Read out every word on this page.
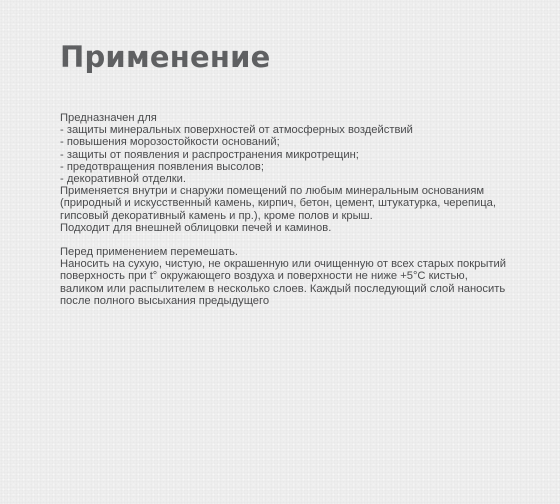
Применение
Предназначен для
- защиты минеральных поверхностей от атмосферных воздействий
- повышения морозостойкости оснований;
- защиты от появления и распространения микротрещин;
- предотвращения появления высолов;
- декоративной отделки.
Применяется внутри и снаружи помещений по любым минеральным основаниям
(природный и искусственный камень, кирпич, бетон, цемент, штукатурка, черепица,
гипсовый декоративный камень и пр.), кроме полов и крыш.
Подходит для внешней облицовки печей и каминов.
Перед применением перемешать.
Наносить на сухую, чистую, не окрашенную или очищенную от всех старых покрытий
поверхность при t° окружающего воздуха и поверхности не ниже +5°С кистью,
валиком или распылителем в несколько слоев. Каждый последующий слой наносить
после полного высыхания предыдущего
